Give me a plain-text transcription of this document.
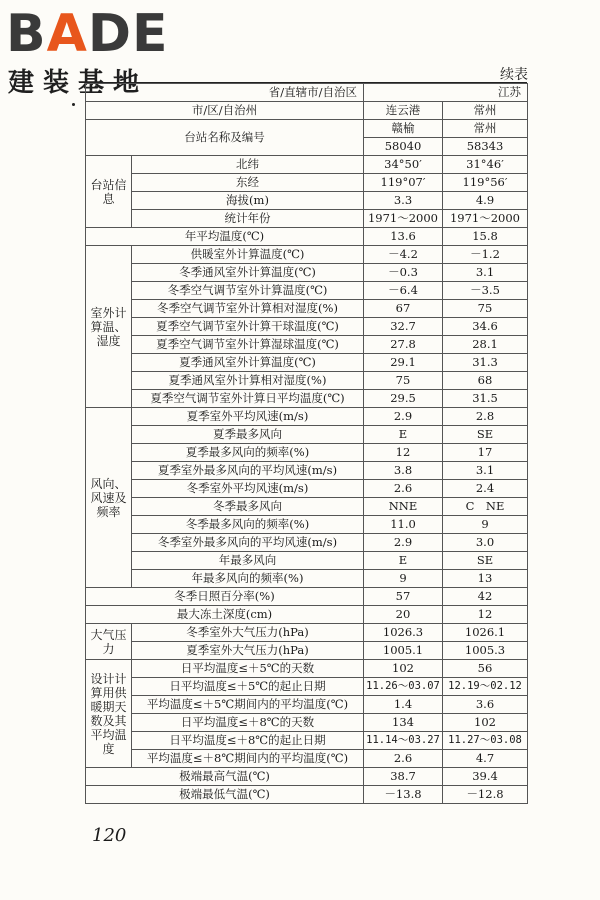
BADE
建装基地	续表
省/直辖市/自治区		江苏	
市/区/自治州		连云港	常州
台站名称及编号		赣榆	常州
		58040	58343
台站信息	北纬	34°50′	31°46′
	东经	119°07′	119°56′
	海拔(m)	3.3	4.9
	统计年份	1971～2000	1971～2000
年平均温度(℃)		13.6	15.8
室外计算温、湿度	供暖室外计算温度(℃)	－4.2	－1.2
	冬季通风室外计算温度(℃)	－0.3	3.1
	冬季空气调节室外计算温度(℃)	－6.4	－3.5
	冬季空气调节室外计算相对湿度(%)	67	75
	夏季空气调节室外计算干球温度(℃)	32.7	34.6
	夏季空气调节室外计算湿球温度(℃)	27.8	28.1
	夏季通风室外计算温度(℃)	29.1	31.3
	夏季通风室外计算相对湿度(%)	75	68
	夏季空气调节室外计算日平均温度(℃)	29.5	31.5
风向、风速及频率	夏季室外平均风速(m/s)	2.9	2.8
	夏季最多风向	E	SE
	夏季最多风向的频率(%)	12	17
	夏季室外最多风向的平均风速(m/s)	3.8	3.1
	冬季室外平均风速(m/s)	2.6	2.4
	冬季最多风向	NNE	C　NE
	冬季最多风向的频率(%)	11.0	9
	冬季室外最多风向的平均风速(m/s)	2.9	3.0
	年最多风向	E	SE
	年最多风向的频率(%)	9	13
冬季日照百分率(%)		57	42
最大冻土深度(cm)		20	12
大气压力	冬季室外大气压力(hPa)	1026.3	1026.1
	夏季室外大气压力(hPa)	1005.1	1005.3
设计计算用供暖期天数及其平均温度	日平均温度≤＋5℃的天数	102	56
	日平均温度≤＋5℃的起止日期	11.26～03.07	12.19～02.12
	平均温度≤＋5℃期间内的平均温度(℃)	1.4	3.6
	日平均温度≤＋8℃的天数	134	102
	日平均温度≤＋8℃的起止日期	11.14～03.27	11.27～03.08
	平均温度≤＋8℃期间内的平均温度(℃)	2.6	4.7
极端最高气温(℃)		38.7	39.4
极端最低气温(℃)		－13.8	－12.8
120
